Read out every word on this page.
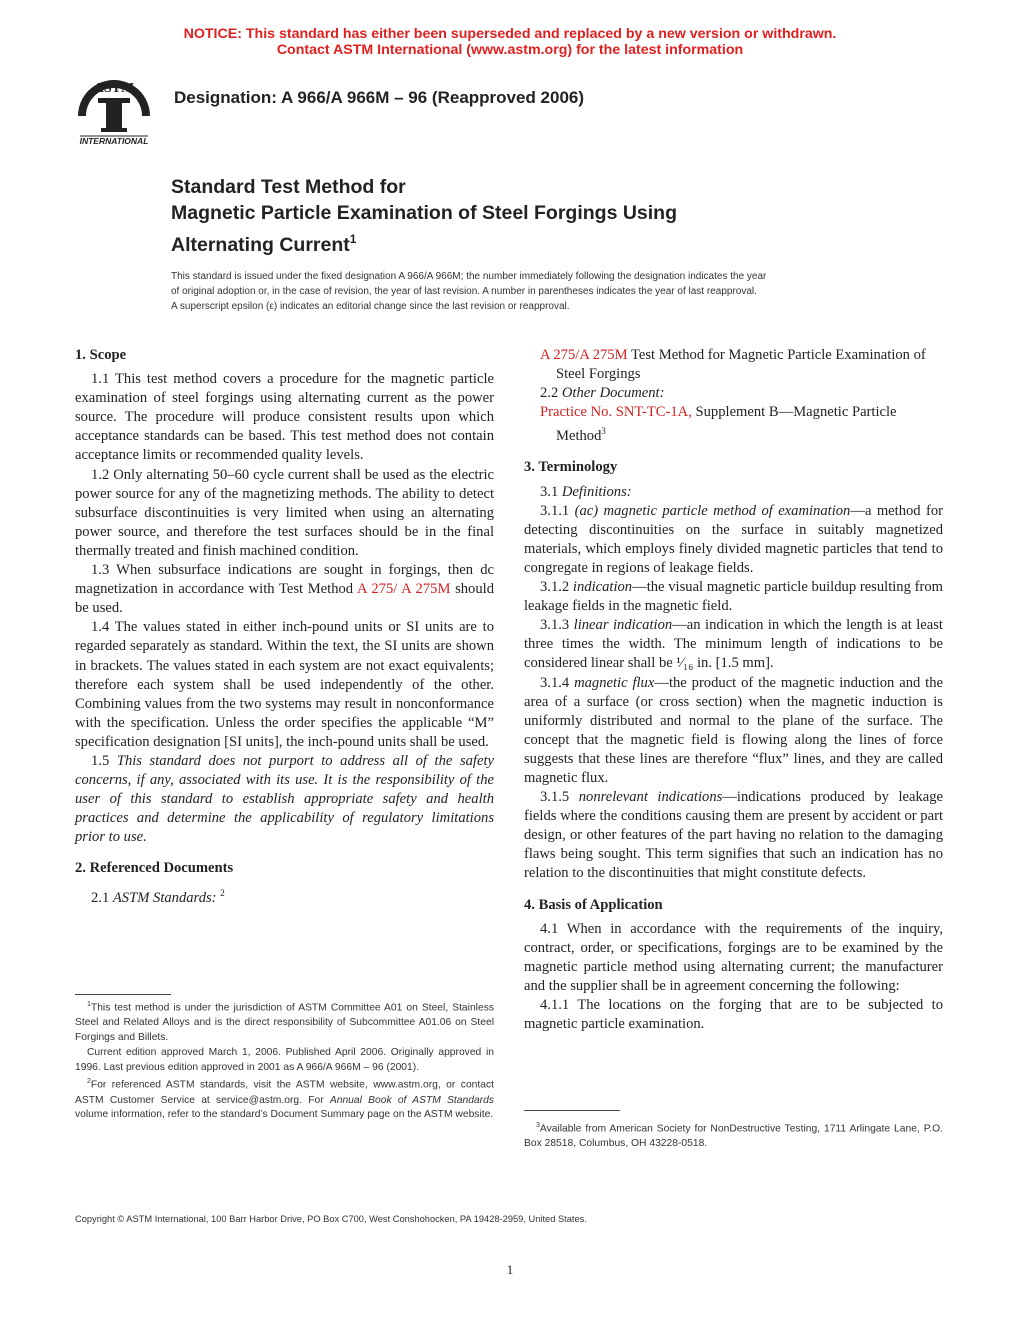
NOTICE: This standard has either been superseded and replaced by a new version or withdrawn.
Contact ASTM International (www.astm.org) for the latest information
ASTM
INTERNATIONAL
Designation: A 966/A 966M – 96 (Reapproved 2006)
Standard Test Method for
Magnetic Particle Examination of Steel Forgings Using
Alternating Current$^1$
This standard is issued under the fixed designation A 966/A 966M; the number immediately following the designation indicates the year
of original adoption or, in the case of revision, the year of last revision. A number in parentheses indicates the year of last reapproval.
A superscript epsilon (ε) indicates an editorial change since the last revision or reapproval.

1. Scope

1.1 This test method covers a procedure for the magnetic particle examination of steel forgings using alternating current as the power source. The procedure will produce consistent results upon which acceptance standards can be based. This test method does not contain acceptance limits or recommended quality levels.

1.2 Only alternating 50–60 cycle current shall be used as the electric power source for any of the magnetizing methods. The ability to detect subsurface discontinuities is very limited when using an alternating power source, and therefore the test surfaces should be in the final thermally treated and finish machined condition.

1.3 When subsurface indications are sought in forgings, then dc magnetization in accordance with Test Method A 275/ A 275M should be used.

1.4 The values stated in either inch-pound units or SI units are to regarded separately as standard. Within the text, the SI units are shown in brackets. The values stated in each system are not exact equivalents; therefore each system shall be used independently of the other. Combining values from the two systems may result in nonconformance with the specification. Unless the order specifies the applicable “M” specification designation [SI units], the inch-pound units shall be used.

1.5 This standard does not purport to address all of the safety concerns, if any, associated with its use. It is the responsibility of the user of this standard to establish appropriate safety and health practices and determine the applicability of regulatory limitations prior to use.

2. Referenced Documents

2.1 ASTM Standards: $^2$

$^1$This test method is under the jurisdiction of ASTM Committee A01 on Steel, Stainless Steel and Related Alloys and is the direct responsibility of Subcommittee A01.06 on Steel Forgings and Billets.

Current edition approved March 1, 2006. Published April 2006. Originally approved in 1996. Last previous edition approved in 2001 as A 966/A 966M – 96 (2001).

$^2$For referenced ASTM standards, visit the ASTM website, www.astm.org, or contact ASTM Customer Service at service@astm.org. For Annual Book of ASTM Standards volume information, refer to the standard’s Document Summary page on the ASTM website.

A 275/A 275M Test Method for Magnetic Particle Examination of Steel Forgings

2.2 Other Document:

Practice No. SNT-TC-1A, Supplement B—Magnetic Particle Method$^3$

3. Terminology

3.1 Definitions:

3.1.1 (ac) magnetic particle method of examination—a method for detecting discontinuities on the surface in suitably magnetized materials, which employs finely divided magnetic particles that tend to congregate in regions of leakage fields.

3.1.2 indication—the visual magnetic particle buildup resulting from leakage fields in the magnetic field.

3.1.3 linear indication—an indication in which the length is at least three times the width. The minimum length of indications to be considered linear shall be ¹⁄₁₆ in. [1.5 mm].

3.1.4 magnetic flux—the product of the magnetic induction and the area of a surface (or cross section) when the magnetic induction is uniformly distributed and normal to the plane of the surface. The concept that the magnetic field is flowing along the lines of force suggests that these lines are therefore “flux” lines, and they are called magnetic flux.

3.1.5 nonrelevant indications—indications produced by leakage fields where the conditions causing them are present by accident or part design, or other features of the part having no relation to the damaging flaws being sought. This term signifies that such an indication has no relation to the discontinuities that might constitute defects.

4. Basis of Application

4.1 When in accordance with the requirements of the inquiry, contract, order, or specifications, forgings are to be examined by the magnetic particle method using alternating current; the manufacturer and the supplier shall be in agreement concerning the following:

4.1.1 The locations on the forging that are to be subjected to magnetic particle examination.

$^3$Available from American Society for NonDestructive Testing, 1711 Arlingate Lane, P.O. Box 28518, Columbus, OH 43228-0518.

Copyright © ASTM International, 100 Barr Harbor Drive, PO Box C700, West Conshohocken, PA 19428-2959, United States.
1
